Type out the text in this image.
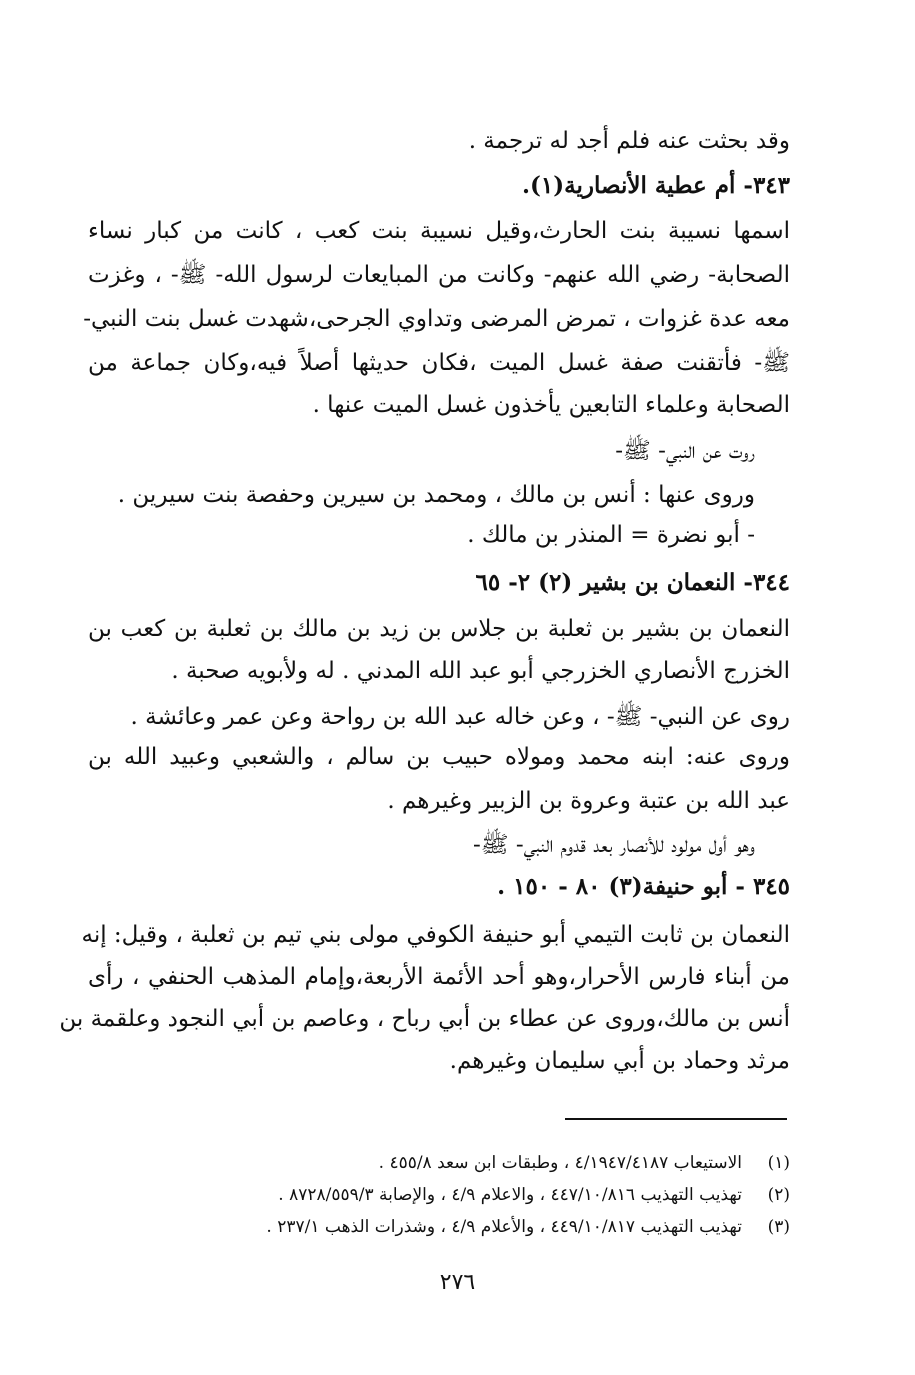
وقد بحثت عنه فلم أجد له ترجمة .
٣٤٣- أم عطية الأنصارية(١).
اسمها نسيبة بنت الحارث،وقيل نسيبة بنت كعب ، كانت من كبار نساء
الصحابة- رضي الله عنهم- وكانت من المبايعات لرسول الله- ﷺ- ، وغزت
معه عدة غزوات ، تمرض المرضى وتداوي الجرحى،شهدت غسل بنت النبي-
ﷺ- فأتقنت صفة غسل الميت ،فكان حديثها أصلاً فيه،وكان جماعة من
الصحابة وعلماء التابعين يأخذون غسل الميت عنها .
روت عن النبي- ﷺ-
وروى عنها : أنس بن مالك ، ومحمد بن سيرين وحفصة بنت سيرين .
- أبو نضرة = المنذر بن مالك .
٣٤٤- النعمان بن بشير (٢) ٢- ٦٥
النعمان بن بشير بن ثعلبة بن جلاس بن زيد بن مالك بن ثعلبة بن كعب بن
الخزرج الأنصاري الخزرجي أبو عبد الله المدني . له ولأبويه صحبة .
روى عن النبي- ﷺ- ، وعن خاله عبد الله بن رواحة وعن عمر وعائشة .
وروى عنه: ابنه محمد ومولاه حبيب بن سالم ، والشعبي وعبيد الله بن
عبد الله بن عتبة وعروة بن الزبير وغيرهم .
وهو أول مولود للأنصار بعد قدوم النبي- ﷺ-
٣٤٥ - أبو حنيفة(٣) ٨٠ - ١٥٠ .
النعمان بن ثابت التيمي أبو حنيفة الكوفي مولى بني تيم بن ثعلبة ، وقيل: إنه
من أبناء فارس الأحرار،وهو أحد الأئمة الأربعة،وإمام المذهب الحنفي ، رأى
أنس بن مالك،وروى عن عطاء بن أبي رباح ، وعاصم بن أبي النجود وعلقمة بن
مرثد وحماد بن أبي سليمان وغيرهم.
(١)الاستيعاب ٤/١٩٤٧/٤١٨٧ ، وطبقات ابن سعد ٤٥٥/٨ .
(٢)تهذيب التهذيب ٤٤٧/١٠/٨١٦ ، والاعلام ٤/٩ ، والإصابة ٨٧٢٨/٥٥٩/٣ .
(٣)تهذيب التهذيب ٤٤٩/١٠/٨١٧ ، والأعلام ٤/٩ ، وشذرات الذهب ٢٣٧/١ .
٢٧٦
